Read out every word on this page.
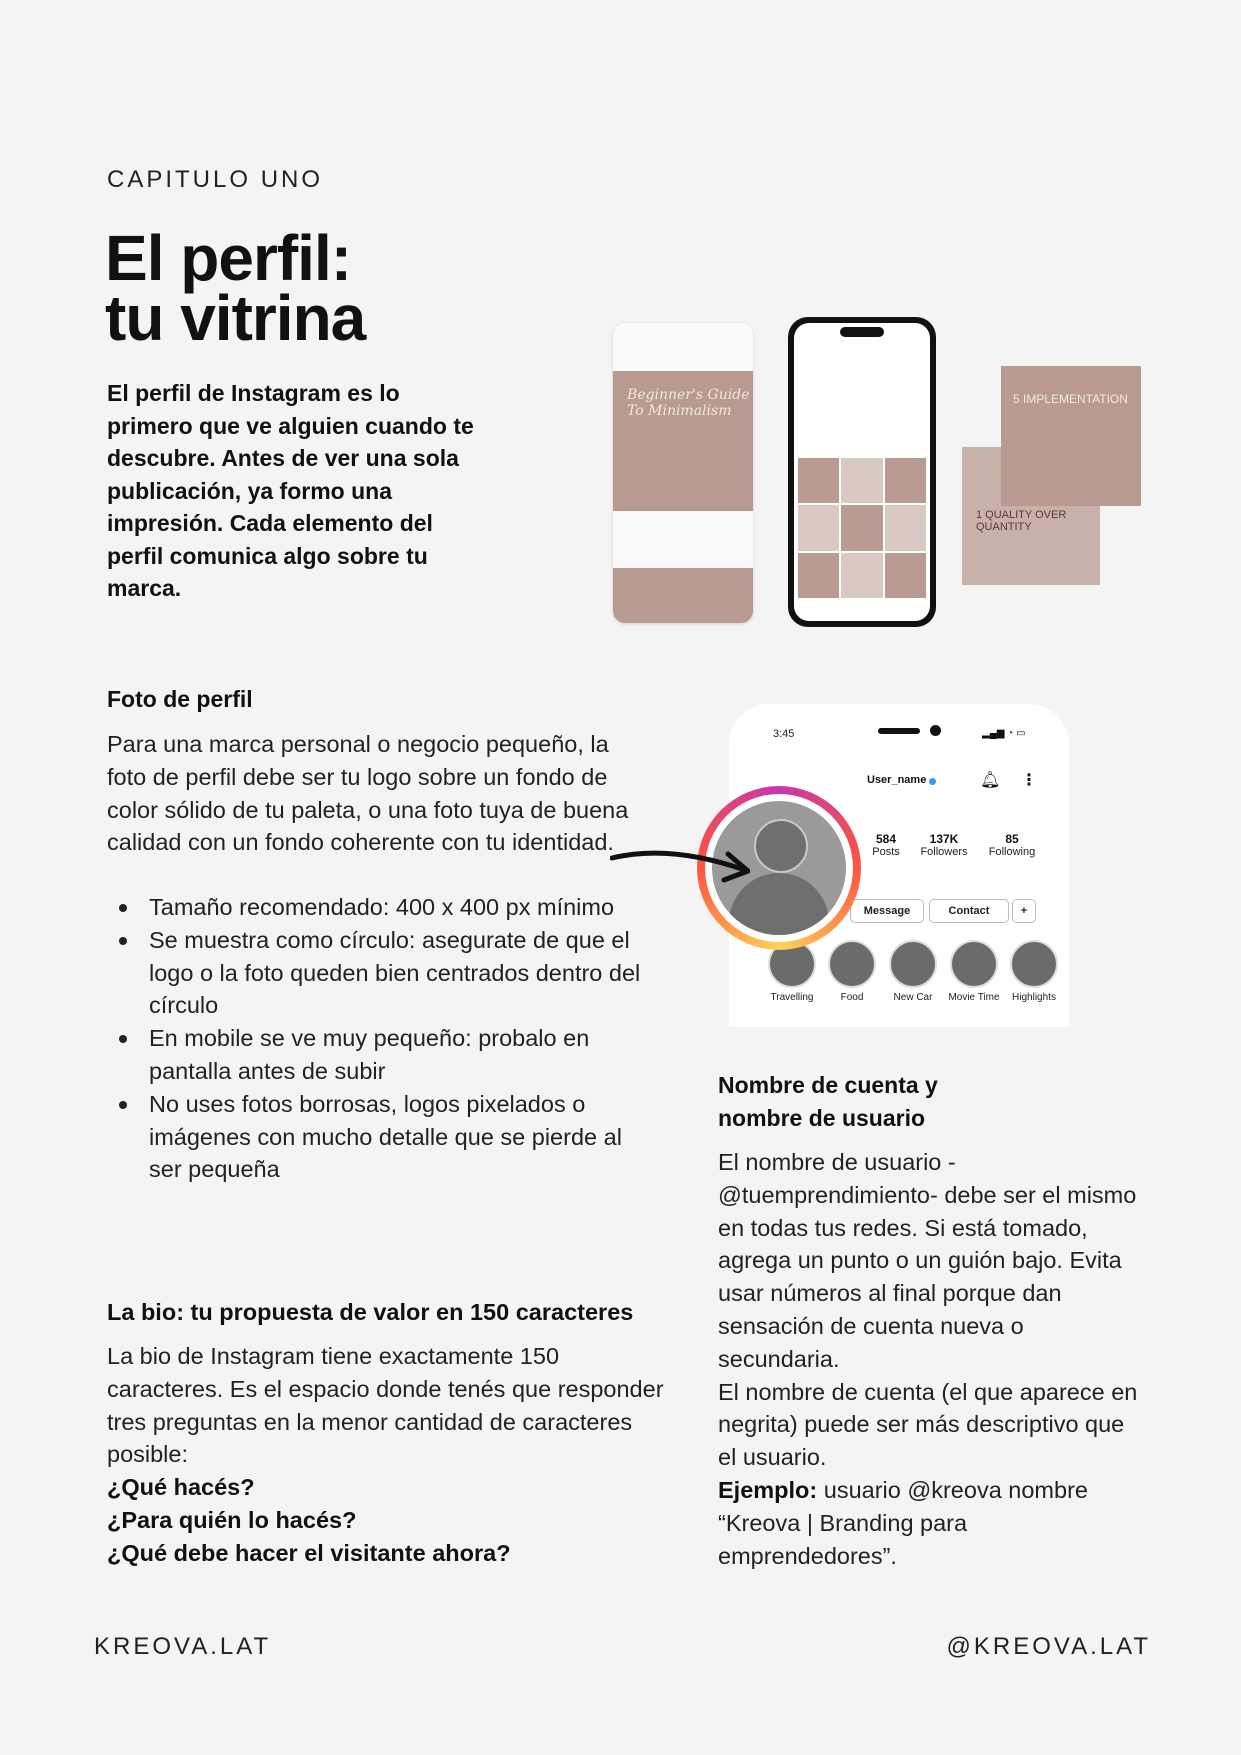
CAPITULO UNO
El perfil:
tu vitrina
El perfil de Instagram es lo primero que ve alguien cuando te descubre. Antes de ver una sola publicación, ya formo una impresión. Cada elemento del perfil comunica algo sobre tu marca.
Beginner's Guide To Minimalism
1 QUALITY OVER QUANTITY
5 IMPLEMENTATION
Foto de perfil
Para una marca personal o negocio pequeño, la foto de perfil debe ser tu logo sobre un fondo de color sólido de tu paleta, o una foto tuya de buena calidad con un fondo coherente con tu identidad.
Tamaño recomendado: 400 x 400 px mínimo
Se muestra como círculo: asegurate de que el logo o la foto queden bien centrados dentro del círculo
En mobile se ve muy pequeño: probalo en pantalla antes de subir
No uses fotos borrosas, logos pixelados o imágenes con mucho detalle que se pierde al ser pequeña
3:45	▂▄▆ ◔ ▭
User_name	🔔︎ ⋮
584
Posts
137K
Followers
85
Following
Message	Contact	+
Travelling	Food	New Car	Movie Time	Highlights
Nombre de cuenta y
nombre de usuario
El nombre de usuario -@tuemprendimiento- debe ser el mismo en todas tus redes. Si está tomado, agrega un punto o un guión bajo. Evita usar números al final porque dan sensación de cuenta nueva o secundaria.
El nombre de cuenta (el que aparece en negrita) puede ser más descriptivo que el usuario.
Ejemplo: usuario @kreova nombre “Kreova | Branding para emprendedores”.
La bio: tu propuesta de valor en 150 caracteres
La bio de Instagram tiene exactamente 150 caracteres. Es el espacio donde tenés que responder tres preguntas en la menor cantidad de caracteres posible:
¿Qué hacés?
¿Para quién lo hacés?
¿Qué debe hacer el visitante ahora?
KREOVA.LAT	@KREOVA.LAT
